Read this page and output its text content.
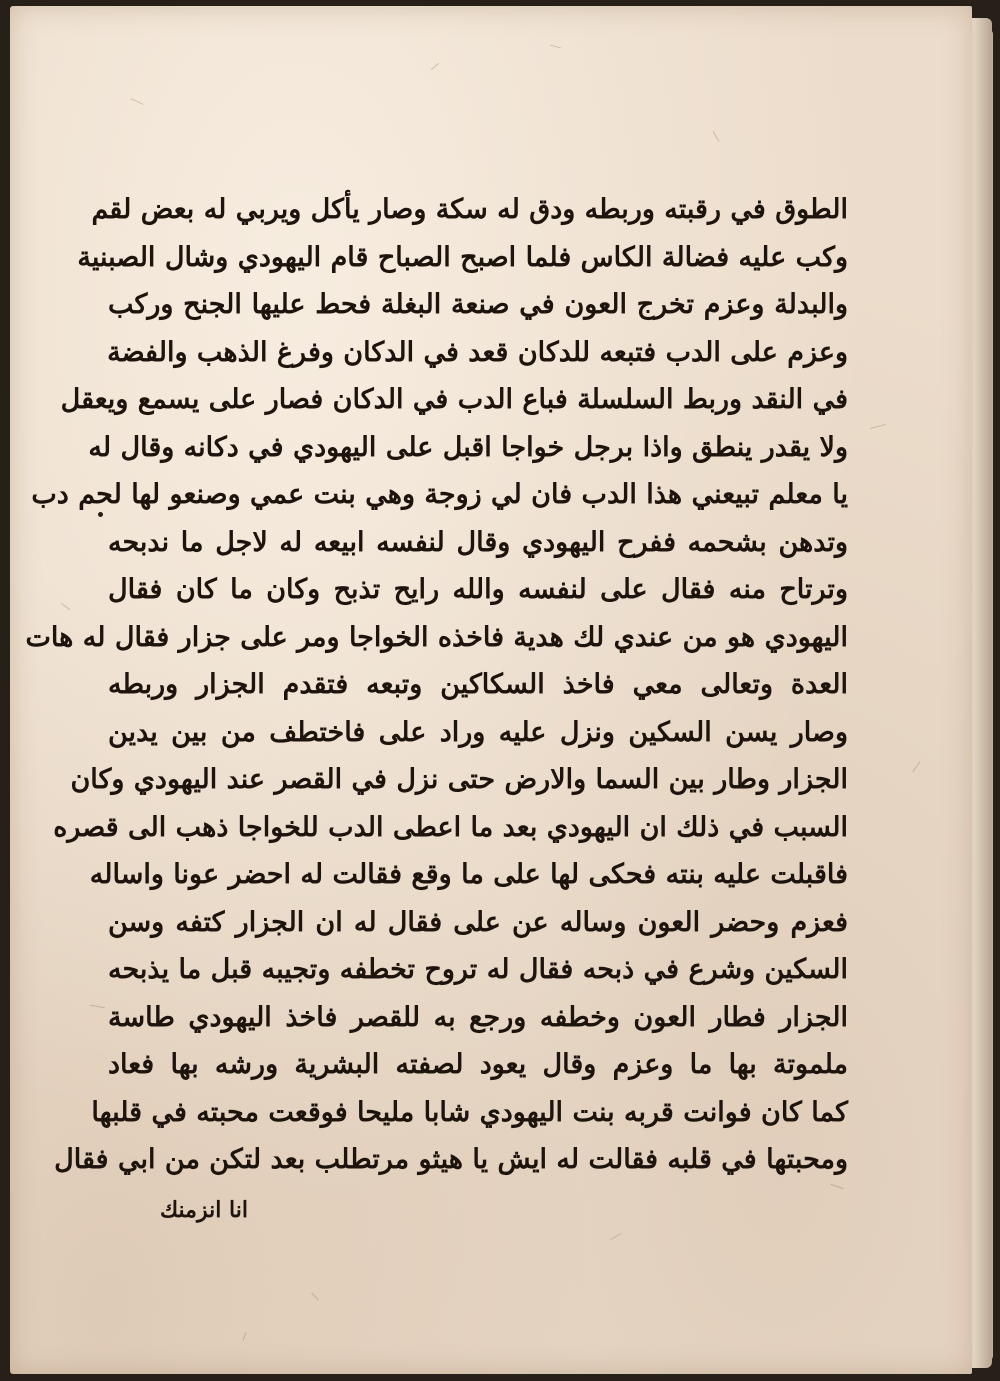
الطوق في رقبته وربطه ودق له سكة وصار يأكل ويربي له بعض لقم
وكب عليه فضالة الكاس فلما اصبح الصباح قام اليهودي وشال الصبنية
والبدلة وعزم تخرج العون في صنعة البغلة فحط عليها الجنح وركب
وعزم على الدب فتبعه للدكان قعد في الدكان وفرغ الذهب والفضة
في النقد وربط السلسلة فباع الدب في الدكان فصار على يسمع ويعقل
ولا يقدر ينطق واذا برجل خواجا اقبل على اليهودي في دكانه وقال له
يا معلم تبيعني هذا الدب فان لي زوجة وهي بنت عمي وصنعو لها لحم دب
وتدهن بشحمه ففرح اليهودي وقال لنفسه ابيعه له لاجل ما ندبحه
وترتاح منه فقال على لنفسه والله رايح تذبح وكان ما كان فقال
اليهودي هو من عندي لك هدية فاخذه الخواجا ومر على جزار فقال له هات
العدة وتعالى معي فاخذ السكاكين وتبعه فتقدم الجزار وربطه
وصار يسن السكين ونزل عليه وراد على فاختطف من بين يدين
الجزار وطار بين السما والارض حتى نزل في القصر عند اليهودي وكان
السبب في ذلك ان اليهودي بعد ما اعطى الدب للخواجا ذهب الى قصره
فاقبلت عليه بنته فحكى لها على ما وقع فقالت له احضر عونا واساله
فعزم وحضر العون وساله عن على فقال له ان الجزار كتفه وسن
السكين وشرع في ذبحه فقال له تروح تخطفه وتجيبه قبل ما يذبحه
الجزار فطار العون وخطفه ورجع به للقصر فاخذ اليهودي طاسة
ملموتة بها ما وعزم وقال يعود لصفته البشرية ورشه بها فعاد
كما كان فوانت قربه بنت اليهودي شابا مليحا فوقعت محبته في قلبها
ومحبتها في قلبه فقالت له ايش يا هيثو مرتطلب بعد لتكن من ابي فقال
انا انزمنك
